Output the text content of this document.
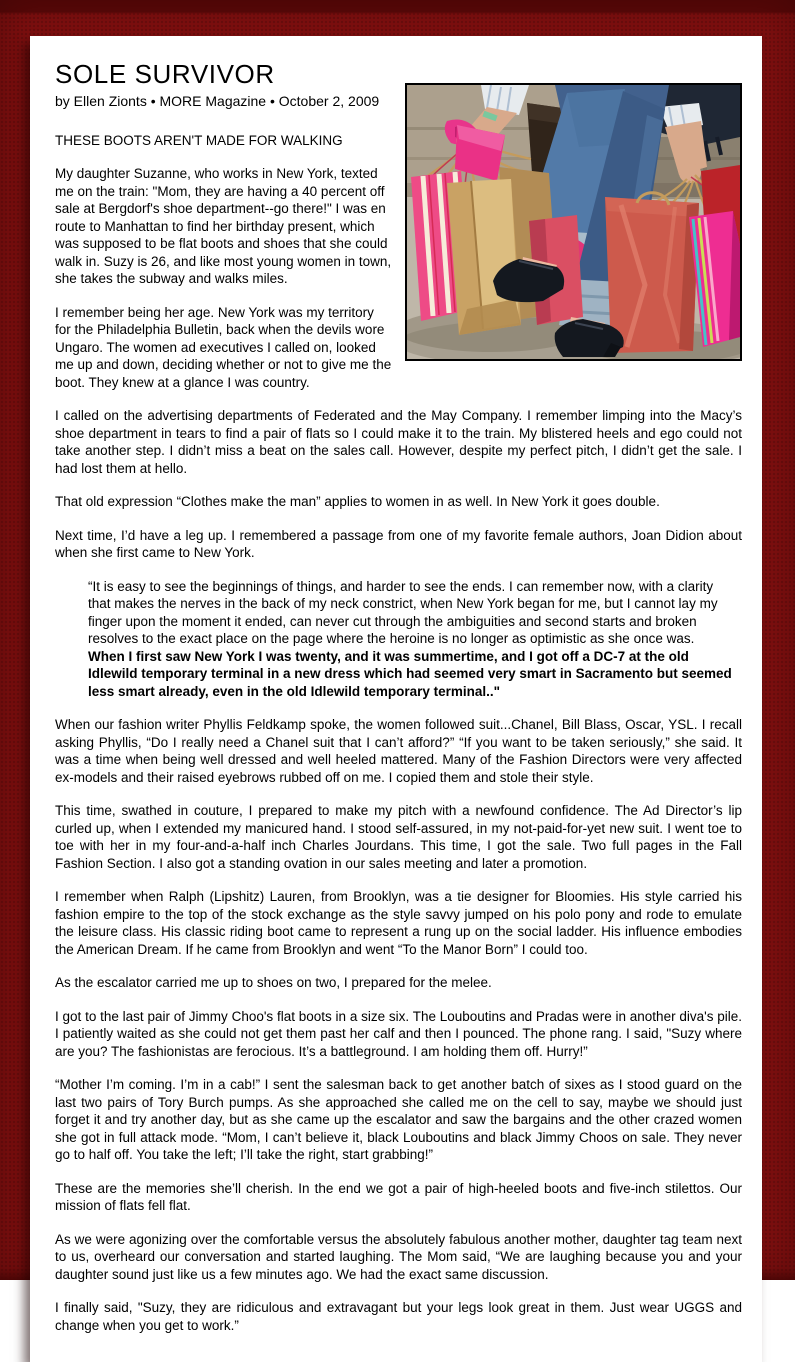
SOLE SURVIVOR
by Ellen Zionts • MORE Magazine • October 2, 2009
THESE BOOTS AREN'T MADE FOR WALKING

My daughter Suzanne, who works in New York, texted me on the train: "Mom, they are having a 40 percent off sale at Bergdorf's shoe department--go there!" I was en route to Manhattan to find her birthday present, which was supposed to be flat boots and shoes that she could walk in. Suzy is 26, and like most young women in town, she takes the subway and walks miles.

I remember being her age. New York was my territory for the Philadelphia Bulletin, back when the devils wore Ungaro. The women ad executives I called on, looked me up and down, deciding whether or not to give me the boot. They knew at a glance I was country.

I called on the advertising departments of Federated and the May Company. I remember limping into the Macy’s shoe department in tears to find a pair of flats so I could make it to the train. My blistered heels and ego could not take another step. I didn’t miss a beat on the sales call. However, despite my perfect pitch, I didn’t get the sale. I had lost them at hello.

That old expression “Clothes make the man” applies to women in as well. In New York it goes double.

Next time, I’d have a leg up. I remembered a passage from one of my favorite female authors, Joan Didion about when she first came to New York.

“It is easy to see the beginnings of things, and harder to see the ends. I can remember now, with a clarity that makes the nerves in the back of my neck constrict, when New York began for me, but I cannot lay my finger upon the moment it ended, can never cut through the ambiguities and second starts and broken resolves to the exact place on the page where the heroine is no longer as optimistic as she once was.
When I first saw New York I was twenty, and it was summertime, and I got off a DC-7 at the old Idlewild temporary terminal in a new dress which had seemed very smart in Sacramento but seemed less smart already, even in the old Idlewild temporary terminal.."

When our fashion writer Phyllis Feldkamp spoke, the women followed suit...Chanel, Bill Blass, Oscar, YSL. I recall asking Phyllis, “Do I really need a Chanel suit that I can’t afford?” “If you want to be taken seriously,” she said. It was a time when being well dressed and well heeled mattered. Many of the Fashion Directors were very affected ex-models and their raised eyebrows rubbed off on me. I copied them and stole their style.

This time, swathed in couture, I prepared to make my pitch with a newfound confidence. The Ad Director’s lip curled up, when I extended my manicured hand. I stood self-assured, in my not-paid-for-yet new suit. I went toe to toe with her in my four-and-a-half inch Charles Jourdans. This time, I got the sale. Two full pages in the Fall Fashion Section. I also got a standing ovation in our sales meeting and later a promotion.

I remember when Ralph (Lipshitz) Lauren, from Brooklyn, was a tie designer for Bloomies. His style carried his fashion empire to the top of the stock exchange as the style savvy jumped on his polo pony and rode to emulate the leisure class. His classic riding boot came to represent a rung up on the social ladder. His influence embodies the American Dream. If he came from Brooklyn and went “To the Manor Born” I could too.

As the escalator carried me up to shoes on two, I prepared for the melee.

I got to the last pair of Jimmy Choo's flat boots in a size six. The Louboutins and Pradas were in another diva's pile. I patiently waited as she could not get them past her calf and then I pounced. The phone rang. I said, "Suzy where are you? The fashionistas are ferocious. It’s a battleground. I am holding them off. Hurry!”

“Mother I’m coming. I’m in a cab!” I sent the salesman back to get another batch of sixes as I stood guard on the last two pairs of Tory Burch pumps. As she approached she called me on the cell to say, maybe we should just forget it and try another day, but as she came up the escalator and saw the bargains and the other crazed women she got in full attack mode. “Mom, I can’t believe it, black Louboutins and black Jimmy Choos on sale. They never go to half off. You take the left; I’ll take the right, start grabbing!”

These are the memories she’ll cherish. In the end we got a pair of high-heeled boots and five-inch stilettos. Our mission of flats fell flat.

As we were agonizing over the comfortable versus the absolutely fabulous another mother, daughter tag team next to us, overheard our conversation and started laughing. The Mom said, “We are laughing because you and your daughter sound just like us a few minutes ago. We had the exact same discussion.

I finally said, "Suzy, they are ridiculous and extravagant but your legs look great in them. Just wear UGGS and change when you get to work.”
